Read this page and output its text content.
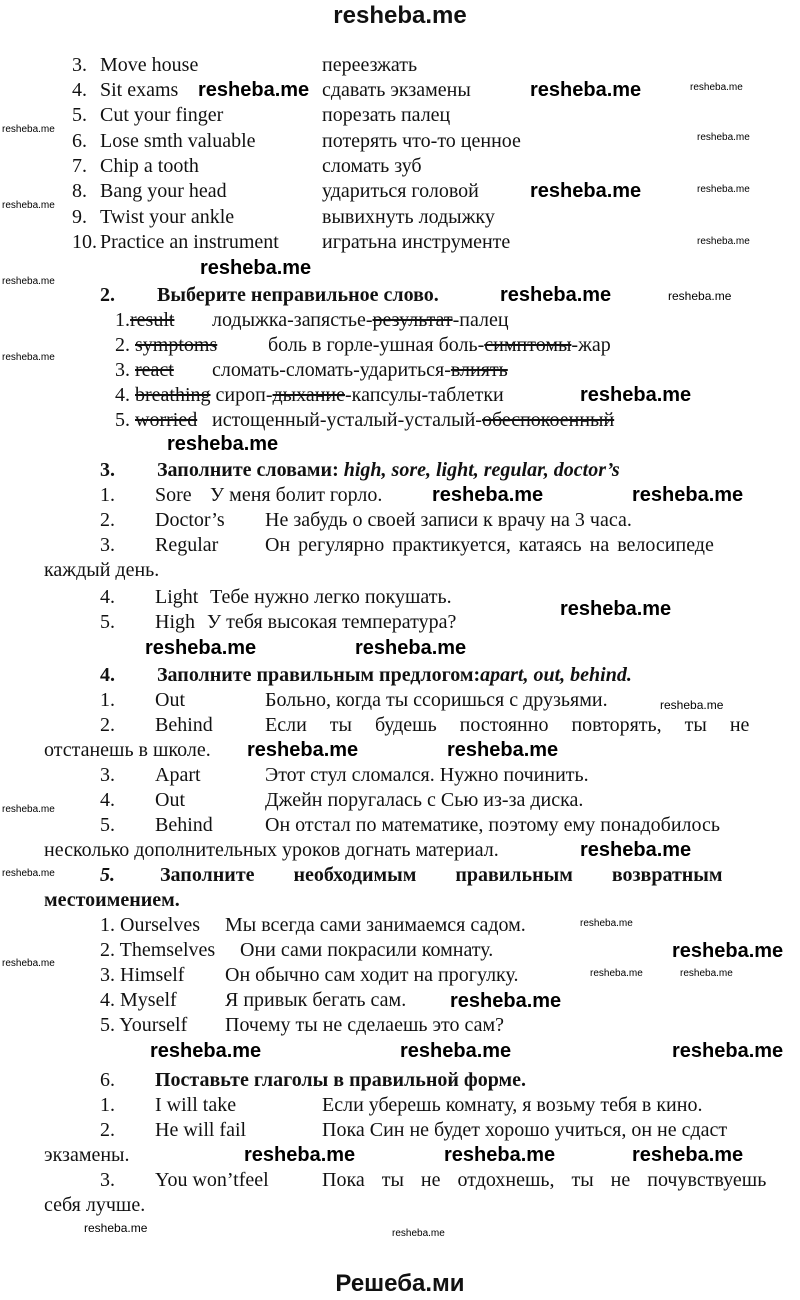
resheba.me
3. Move house	переезжать
4. Sit exams	сдавать экзамены
5. Cut your finger	порезать палец
6. Lose smth valuable	потерять что-то ценное
7. Chip a tooth	сломать зуб
8. Bang your head	удариться головой
9. Twist your ankle	вывихнуть лодыжку
10. Practice an instrument игратьна инструменте
2. Выберите неправильное слово.
1.result лодыжка-запястье-результат-палец
2. symptoms	боль в горле-ушная боль-симптомы-жар
3. react сломать-сломать-удариться-влиять
4. breathing сироп-дыхание-капсулы-таблетки
5. worried истощенный-усталый-усталый-обеспокоенный
3. Заполните словами: high, sore, light, regular, doctor’s
1. Sore У меня болит горло.
2. Doctor’s Не забудь о своей записи к врачу на 3 часа.
3. Regular Он регулярно практикуется, катаясь на велосипеде
каждый день.
4. Light Тебе нужно легко покушать.
5. High У тебя высокая температура?
4. Заполните правильным предлогом:apart, out, behind.
1. Out	Больно, когда ты ссоришься с друзьями.
2. Behind	Если ты будешь постоянно повторять, ты не
отстанешь в школе.
3. Apart	Этот стул сломался. Нужно починить.
4. Out	Джейн поругалась с Сью из-за диска.
5. Behind	Он отстал по математике, поэтому ему понадобилось
несколько дополнительных уроков догнать материал.
5. Заполните необходимым правильным возвратным
местоимением.
1. Ourselves Мы всегда сами занимаемся садом.
2. Themselves Они сами покрасили комнату.
3. Himself Он обычно сам ходит на прогулку.
4. Myself Я привык бегать сам.
5. Yourself Почему ты не сделаешь это сам?
6. Поставьте глаголы в правильной форме.
1. I will take	Если уберешь комнату, я возьму тебя в кино.
2. He will fail	Пока Син не будет хорошо учиться, он не сдаст
экзамены.
3. You won’tfeel	Пока ты не отдохнешь, ты не почувствуешь
себя лучше.
resheba.me
resheba.me	resheba.me
resheba.me
resheba.me
resheba.me	resheba.me
resheba.me
resheba.me
resheba.me
resheba.me
resheba.me	resheba.me
resheba.me
resheba.me
resheba.me
resheba.me	resheba.me
resheba.me
resheba.me	resheba.me
resheba.me
resheba.me	resheba.me
resheba.me
resheba.me
resheba.me
resheba.me
resheba.me
resheba.me
resheba.me
resheba.me	resheba.me
resheba.me
resheba.me
resheba.me
resheba.me
resheba.me	resheba.me	resheba.me
resheba.me
Решеба.ми
